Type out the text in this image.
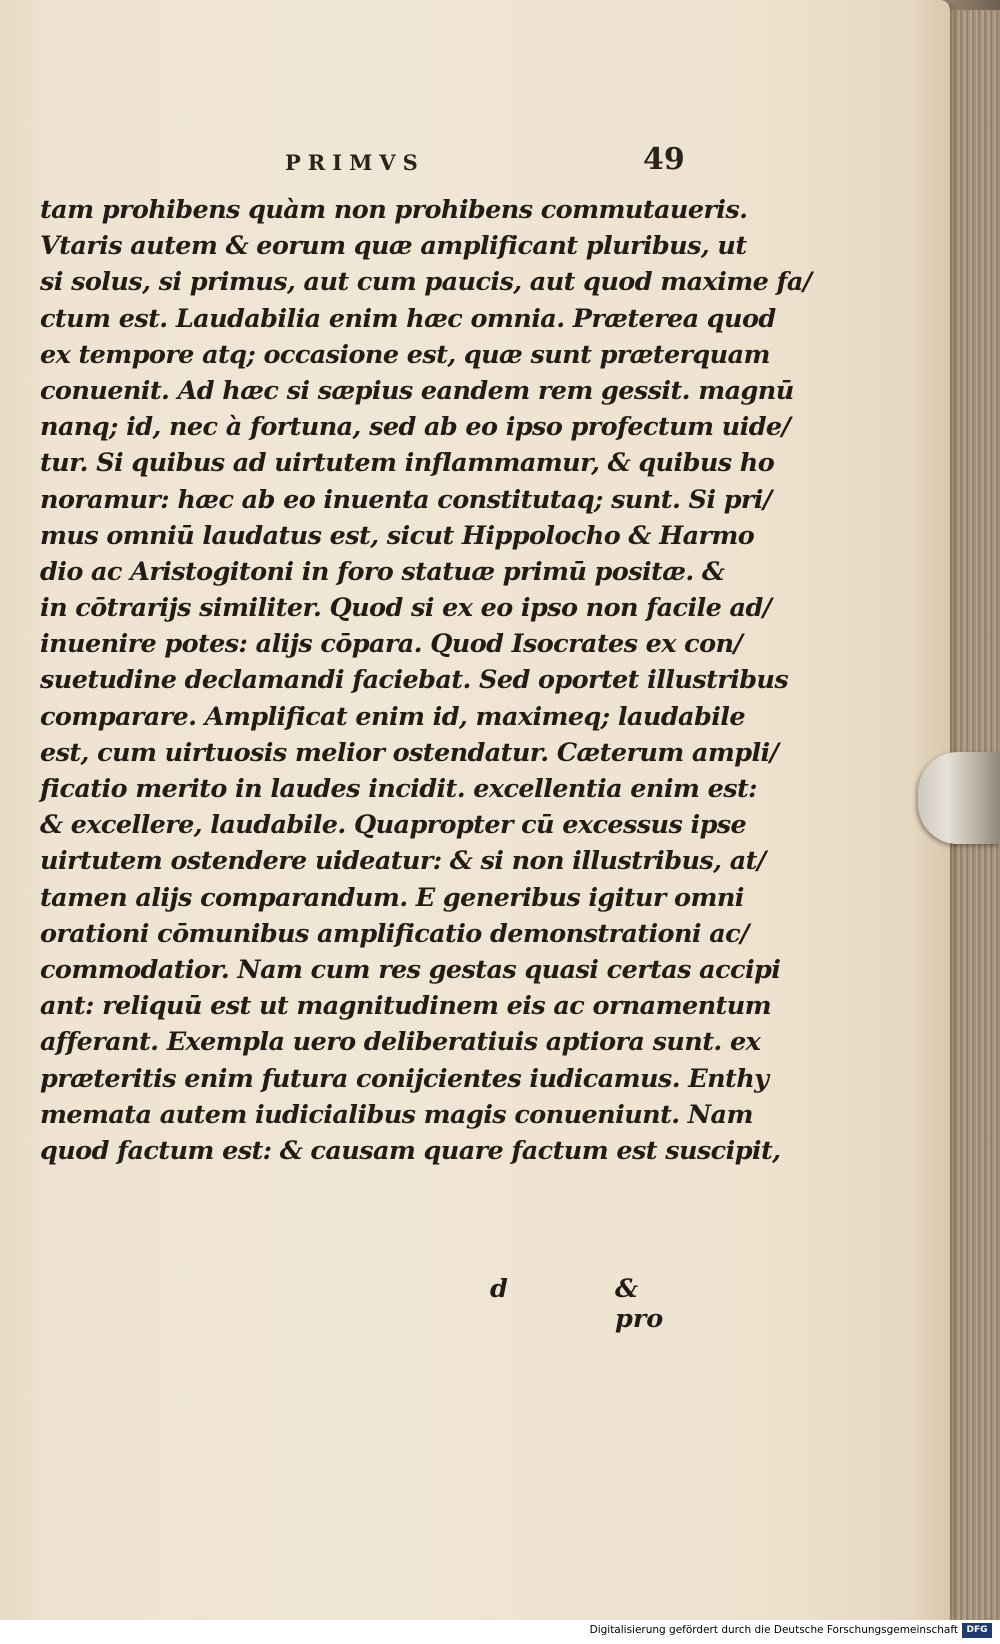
PRIMVS	49
tam prohibens quàm non prohibens commutaueris.
Vtaris autem & eorum quæ amplificant pluribus, ut
si solus, si primus, aut cum paucis, aut quod maxime fa/
ctum est. Laudabilia enim hæc omnia. Præterea quod
ex tempore atq; occasione est, quæ sunt præterquam
conuenit. Ad hæc si sæpius eandem rem gessit. magnū
nanq; id, nec à fortuna, sed ab eo ipso profectum uide/
tur. Si quibus ad uirtutem inflammamur, & quibus ho
noramur: hæc ab eo inuenta constitutaq; sunt. Si pri/
mus omniū laudatus est, sicut Hippolocho & Harmo
dio ac Aristogitoni in foro statuæ primū positæ. &
in cōtrarijs similiter. Quod si ex eo ipso non facile ad/
inuenire potes: alijs cōpara. Quod Isocrates ex con/
suetudine declamandi faciebat. Sed oportet illustribus
comparare. Amplificat enim id, maximeq; laudabile
est, cum uirtuosis melior ostendatur. Cæterum ampli/
ficatio merito in laudes incidit. excellentia enim est:
& excellere, laudabile. Quapropter cū excessus ipse
uirtutem ostendere uideatur: & si non illustribus, at/
tamen alijs comparandum. E generibus igitur omni
orationi cōmunibus amplificatio demonstrationi ac/
commodatior. Nam cum res gestas quasi certas accipi
ant: reliquū est ut magnitudinem eis ac ornamentum
afferant. Exempla uero deliberatiuis aptiora sunt. ex
præteritis enim futura conijcientes iudicamus. Enthy
memata autem iudicialibus magis conueniunt. Nam
quod factum est: & causam quare factum est suscipit,
d	& pro
Digitalisierung gefördert durch die Deutsche Forschungsgemeinschaft DFG
